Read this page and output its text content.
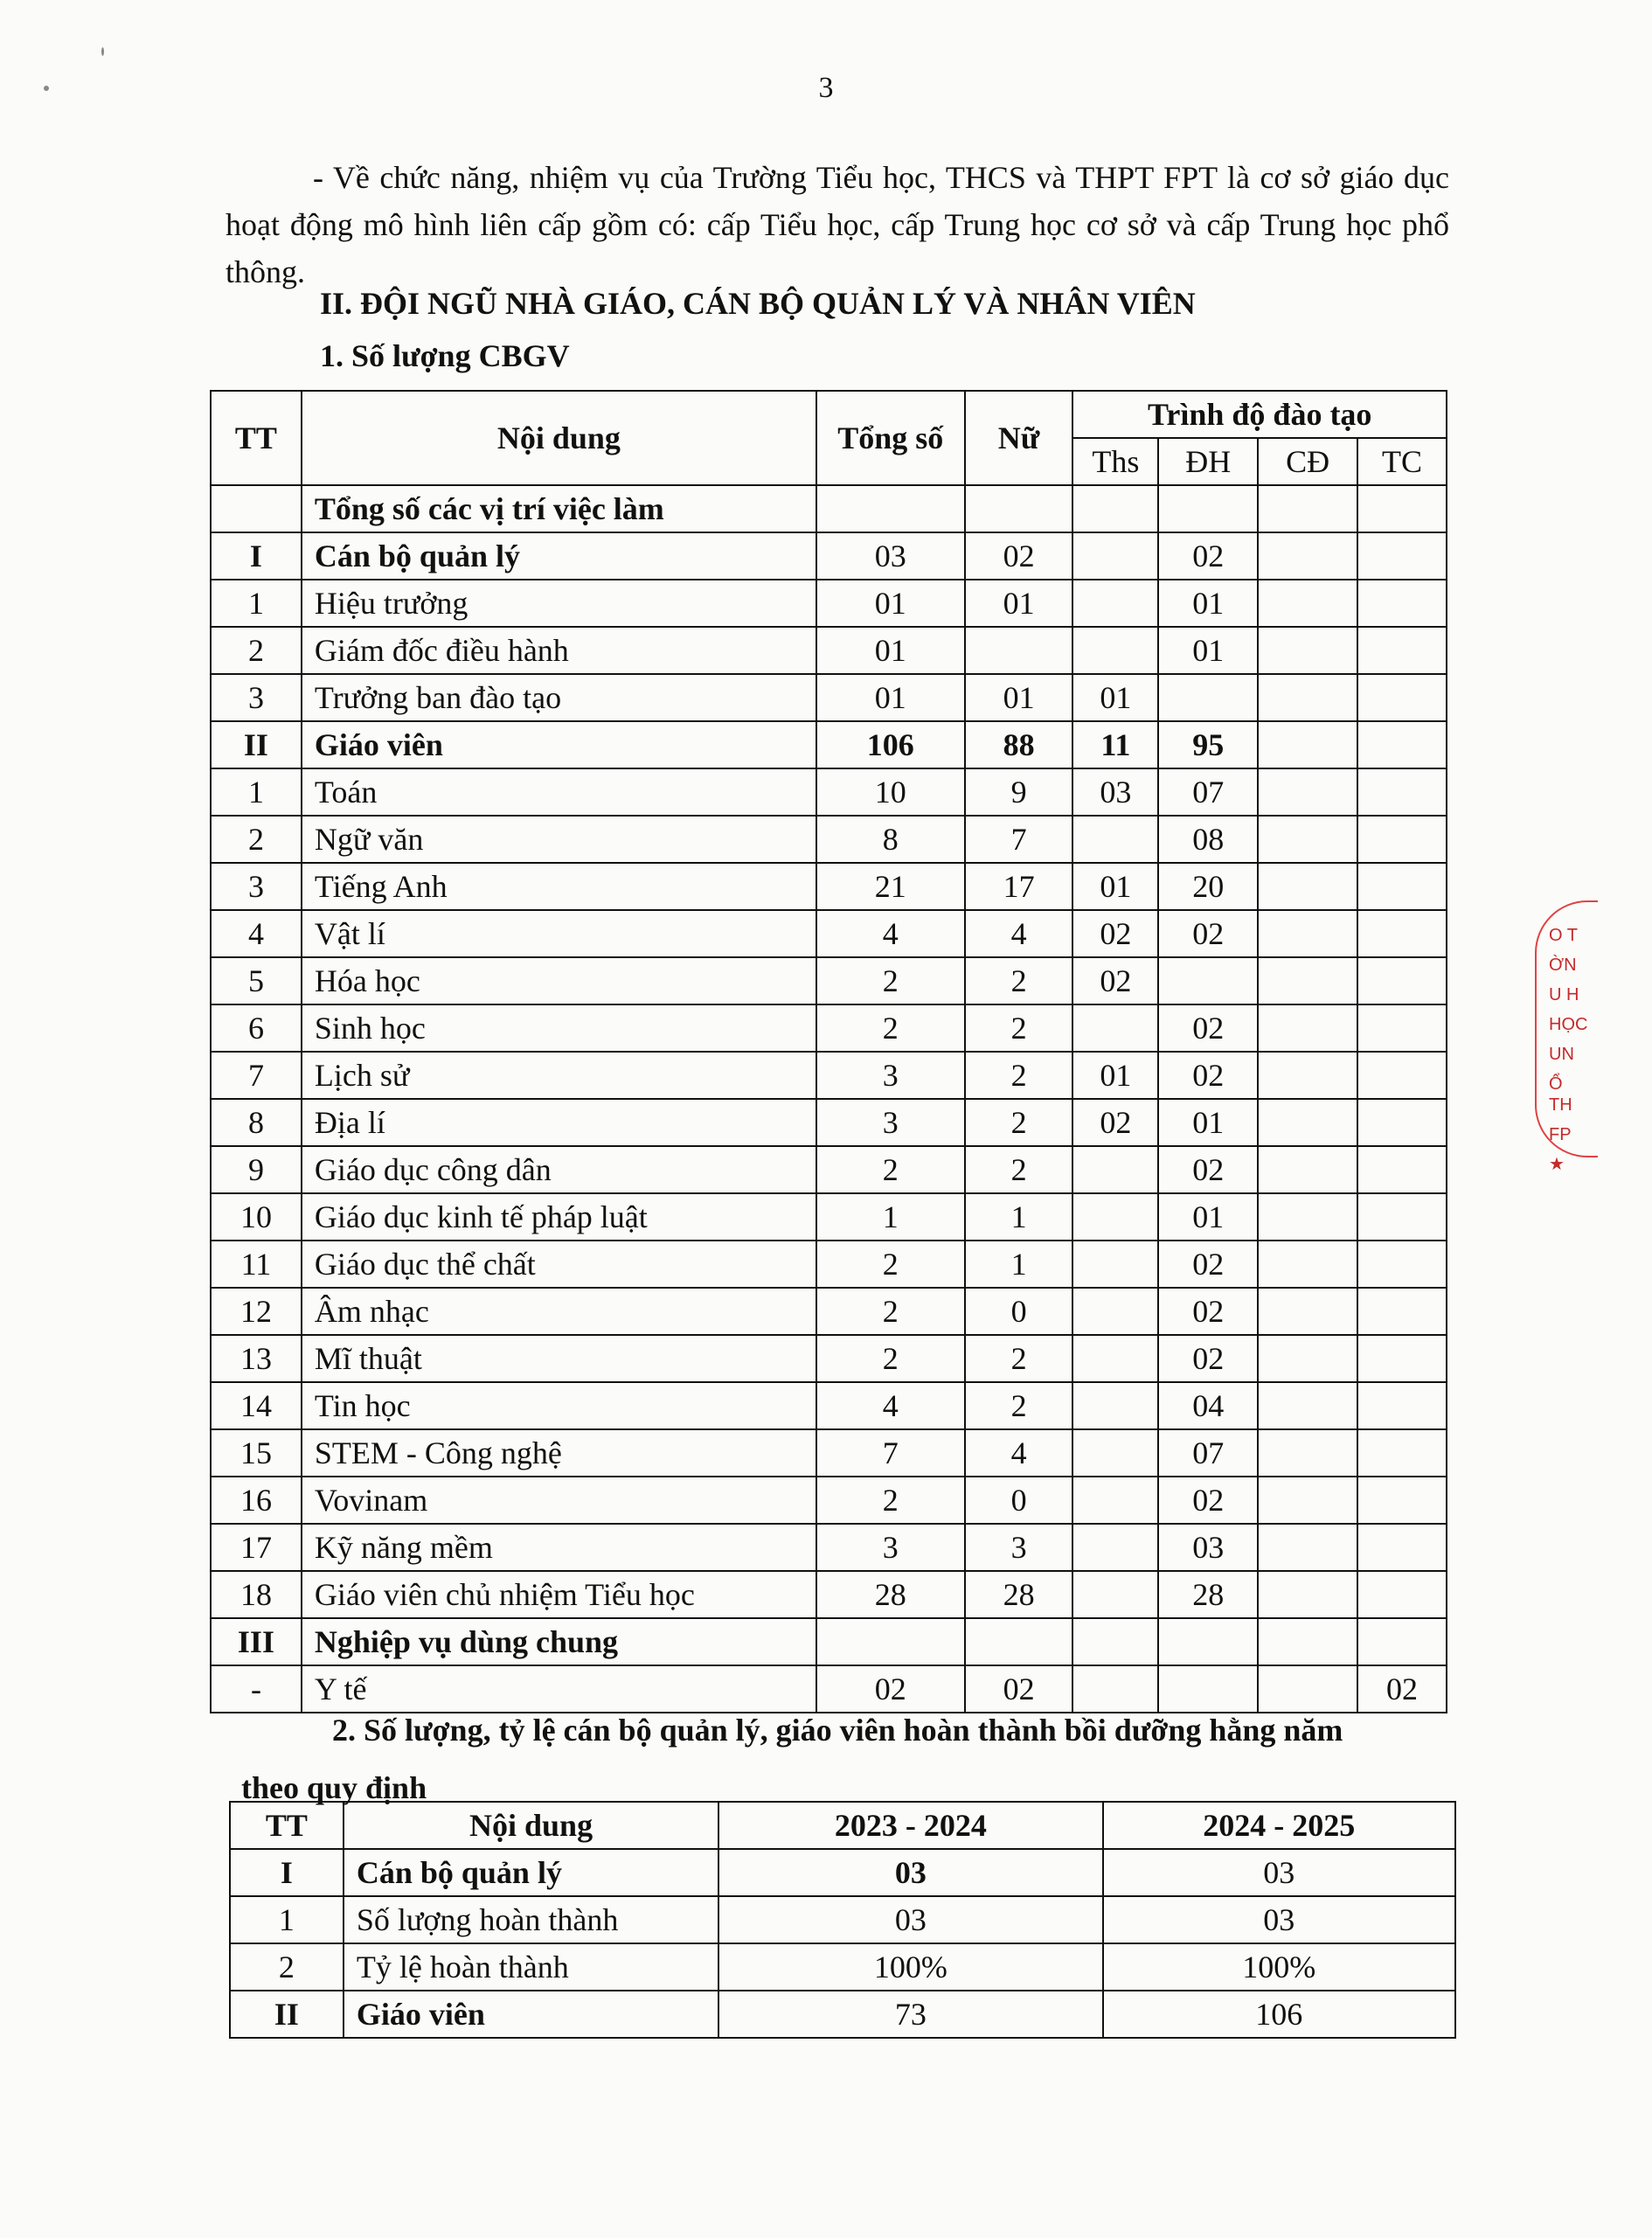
3
- Về chức năng, nhiệm vụ của Trường Tiểu học, THCS và THPT FPT là cơ sở giáo dục hoạt động mô hình liên cấp gồm có: cấp Tiểu học, cấp Trung học cơ sở và cấp Trung học phổ thông.
II. ĐỘI NGŨ NHÀ GIÁO, CÁN BỘ QUẢN LÝ VÀ NHÂN VIÊN
1. Số lượng CBGV
TT	Nội dung	Tổng số	Nữ	Trình độ đào tạo			
				Ths	ĐH	CĐ	TC
	Tổng số các vị trí việc làm						
I	Cán bộ quản lý	03	02		02		
1	Hiệu trưởng	01	01		01		
2	Giám đốc điều hành	01			01		
3	Trưởng ban đào tạo	01	01	01			
II	Giáo viên	106	88	11	95		
1	Toán	10	9	03	07		
2	Ngữ văn	8	7		08		
3	Tiếng Anh	21	17	01	20		
4	Vật lí	4	4	02	02		
5	Hóa học	2	2	02			
6	Sinh học	2	2		02		
7	Lịch sử	3	2	01	02		
8	Địa lí	3	2	02	01		
9	Giáo dục công dân	2	2		02		
10	Giáo dục kinh tế pháp luật	1	1		01		
11	Giáo dục thể chất	2	1		02		
12	Âm nhạc	2	0		02		
13	Mĩ thuật	2	2		02		
14	Tin học	4	2		04		
15	STEM - Công nghệ	7	4		07		
16	Vovinam	2	0		02		
17	Kỹ năng mềm	3	3		03		
18	Giáo viên chủ nhiệm Tiểu học	28	28		28		
III	Nghiệp vụ dùng chung						
-	Y tế	02	02				02
2. Số lượng, tỷ lệ cán bộ quản lý, giáo viên hoàn thành bồi dưỡng hằng năm
theo quy định
TT	Nội dung	2023 - 2024	2024 - 2025
I	Cán bộ quản lý	03	03
1	Số lượng hoàn thành	03	03
2	Tỷ lệ hoàn thành	100%	100%
II	Giáo viên	73	106
O T
ỜN
U H
HỌC
UN
Ổ TH
FP
★
